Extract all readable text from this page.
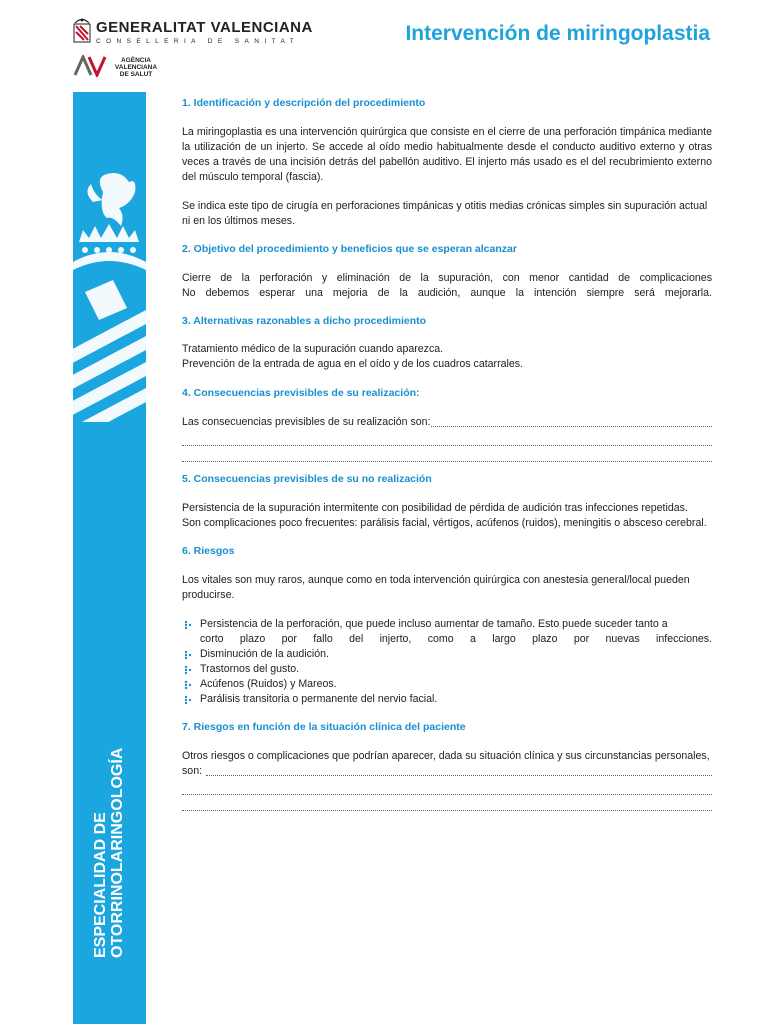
GENERALITAT VALENCIANA
CONSELLERIA DE SANITAT
AGÈNCIA
VALENCIANA
DE SALUT
Intervención de miringoplastia
ESPECIALIDAD DE OTORRINOLARINGOLOGÍA

1. Identificación y descripción del procedimiento

La miringoplastia es una intervención quirúrgica que consiste en el cierre de una perforación timpánica mediante la utilización de un injerto. Se accede al oído medio habitualmente desde el conducto auditivo externo y otras veces a través de una incisión detrás del pabellón auditivo. El injerto más usado es el del recubrimiento externo del músculo temporal (fascia).

Se indica este tipo de cirugía en perforaciones timpánicas y otitis medias crónicas simples sin supuración actual ni en los últimos meses.

2. Objetivo del procedimiento y beneficios que se esperan alcanzar

Cierre de la perforación y eliminación de la supuración, con menor cantidad de complicaciones

No debemos esperar una mejoria de la audición, aunque la intención siempre será mejorarla.

3. Alternativas razonables a dicho procedimiento

Tratamiento médico de la supuración cuando aparezca.

Prevención de la entrada de agua en el oído y de los cuadros catarrales.

4. Consecuencias previsibles de su realización:

Las consecuencias previsibles de su realización son:

5. Consecuencias previsibles de su no realización

Persistencia de la supuración intermitente con posibilidad de pérdida de audición tras infecciones repetidas.

Son complicaciones poco frecuentes: parálisis facial, vértigos, acúfenos (ruidos), meningitis o absceso cerebral.

6. Riesgos

Los vitales son muy raros, aunque como en toda intervención quirúrgica con anestesia general/local pueden producirse.

Persistencia de la perforación, que puede incluso aumentar de tamaño. Esto puede suceder tanto a
corto plazo por fallo del injerto, como a largo plazo por nuevas infecciones.
Disminución de la audición.
Trastornos del gusto.
Acúfenos (Ruidos) y Mareos.
Parálisis transitoria o permanente del nervio facial.

7. Riesgos en función de la situación clínica del paciente

Otros riesgos o complicaciones que podrían aparecer, dada su situación clínica y sus circunstancias personales,

son:
